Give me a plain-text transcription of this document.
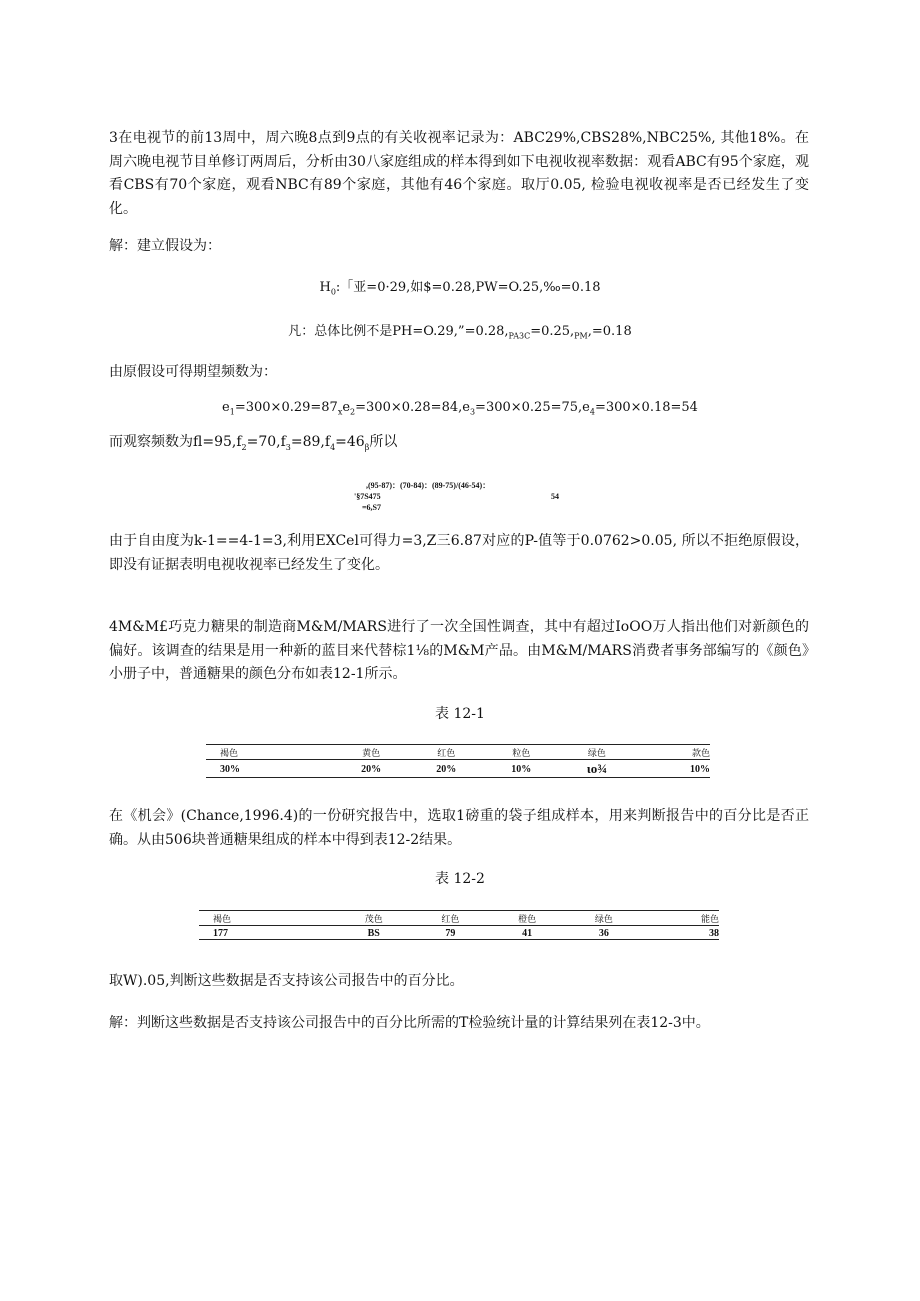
3在电视节的前13周中，周六晚8点到9点的有关收视率记录为：ABC29%,CBS28%,NBC25%, 其他18%。在周六晚电视节目单修订两周后，分析由30八家庭组成的样本得到如下电视收视率数据：观看ABC有95个家庭，观看CBS有70个家庭，观看NBC有89个家庭，其他有46个家庭。取厅0.05, 检验电视收视率是否已经发生了变化。

解：建立假设为：

$H_0$:「亚=0·29,如$=0.28,PW=O.25,‰=0.18

凡：总体比例不是$PH=O.29,”=0.28,_{PA3C}=0.25,_{PM},=0.18$

由原假设可得期望频数为：

$e_1=300\times 0.29=87_xe_2=300\times 0.28=84,e_3=300\times 0.25=75,e_4=300\times 0.18=54$

而观察频数为$fl=95,f_2=70,f_3=89,f_4=46_\beta$所以

,(95-87)：(70-84)：(89-75)/(46-54)：
'§7S475	54
=6,S7

由于自由度为k-1==4-1=3,利用EXCel可得力=3,Z三6.87对应的P-值等于0.0762>0.05, 所以不拒绝原假设，即没有证据表明电视收视率已经发生了变化。

4M&M£巧克力糖果的制造商M&M/MARS进行了一次全国性调查，其中有超过IoOO万人指出他们对新颜色的偏好。该调查的结果是用一种新的蓝目来代替棕1⅛的M&M产品。由M&M/MARS消费者事务部编写的《颜色》小册子中，普通糖果的颜色分布如表12-1所示。

表 12-1

褐色	黄色	红色	粒色	绿色	款色
30%	20%	20%	10%	ιo¾	10%

在《机会》(Chance,1996.4)的一份研究报告中，选取1磅重的袋子组成样本，用来判断报告中的百分比是否正确。从由506块普通糖果组成的样本中得到表12-2结果。

表 12-2

褐色	茂色	红色	橙色	绿色	能色
177	BS	79	41	36	38

取W).05,判断这些数据是否支持该公司报告中的百分比。

解：判断这些数据是否支持该公司报告中的百分比所需的T检验统计量的计算结果列在表12-3中。
